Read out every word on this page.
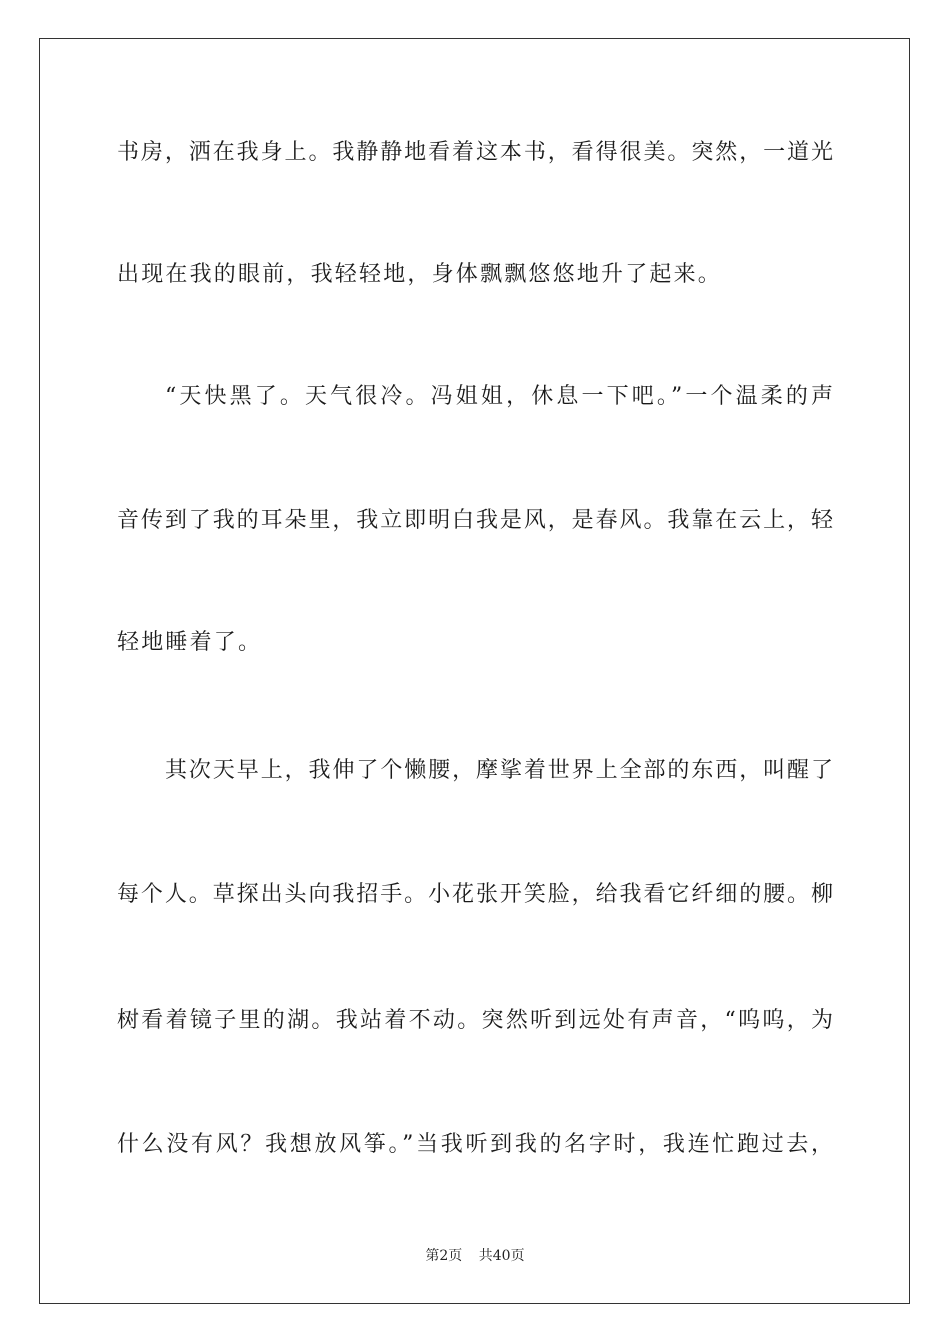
书房，洒在我身上。我静静地看着这本书，看得很美。突然，一道光
出现在我的眼前，我轻轻地，身体飘飘悠悠地升了起来。
“天快黑了。天气很冷。冯姐姐，休息一下吧。”一个温柔的声
音传到了我的耳朵里，我立即明白我是风，是春风。我靠在云上，轻
轻地睡着了。
其次天早上，我伸了个懒腰，摩挲着世界上全部的东西，叫醒了
每个人。草探出头向我招手。小花张开笑脸，给我看它纤细的腰。柳
树看着镜子里的湖。我站着不动。突然听到远处有声音，“呜呜，为
什么没有风？我想放风筝。”当我听到我的名字时，我连忙跑过去，
第2页 共40页
